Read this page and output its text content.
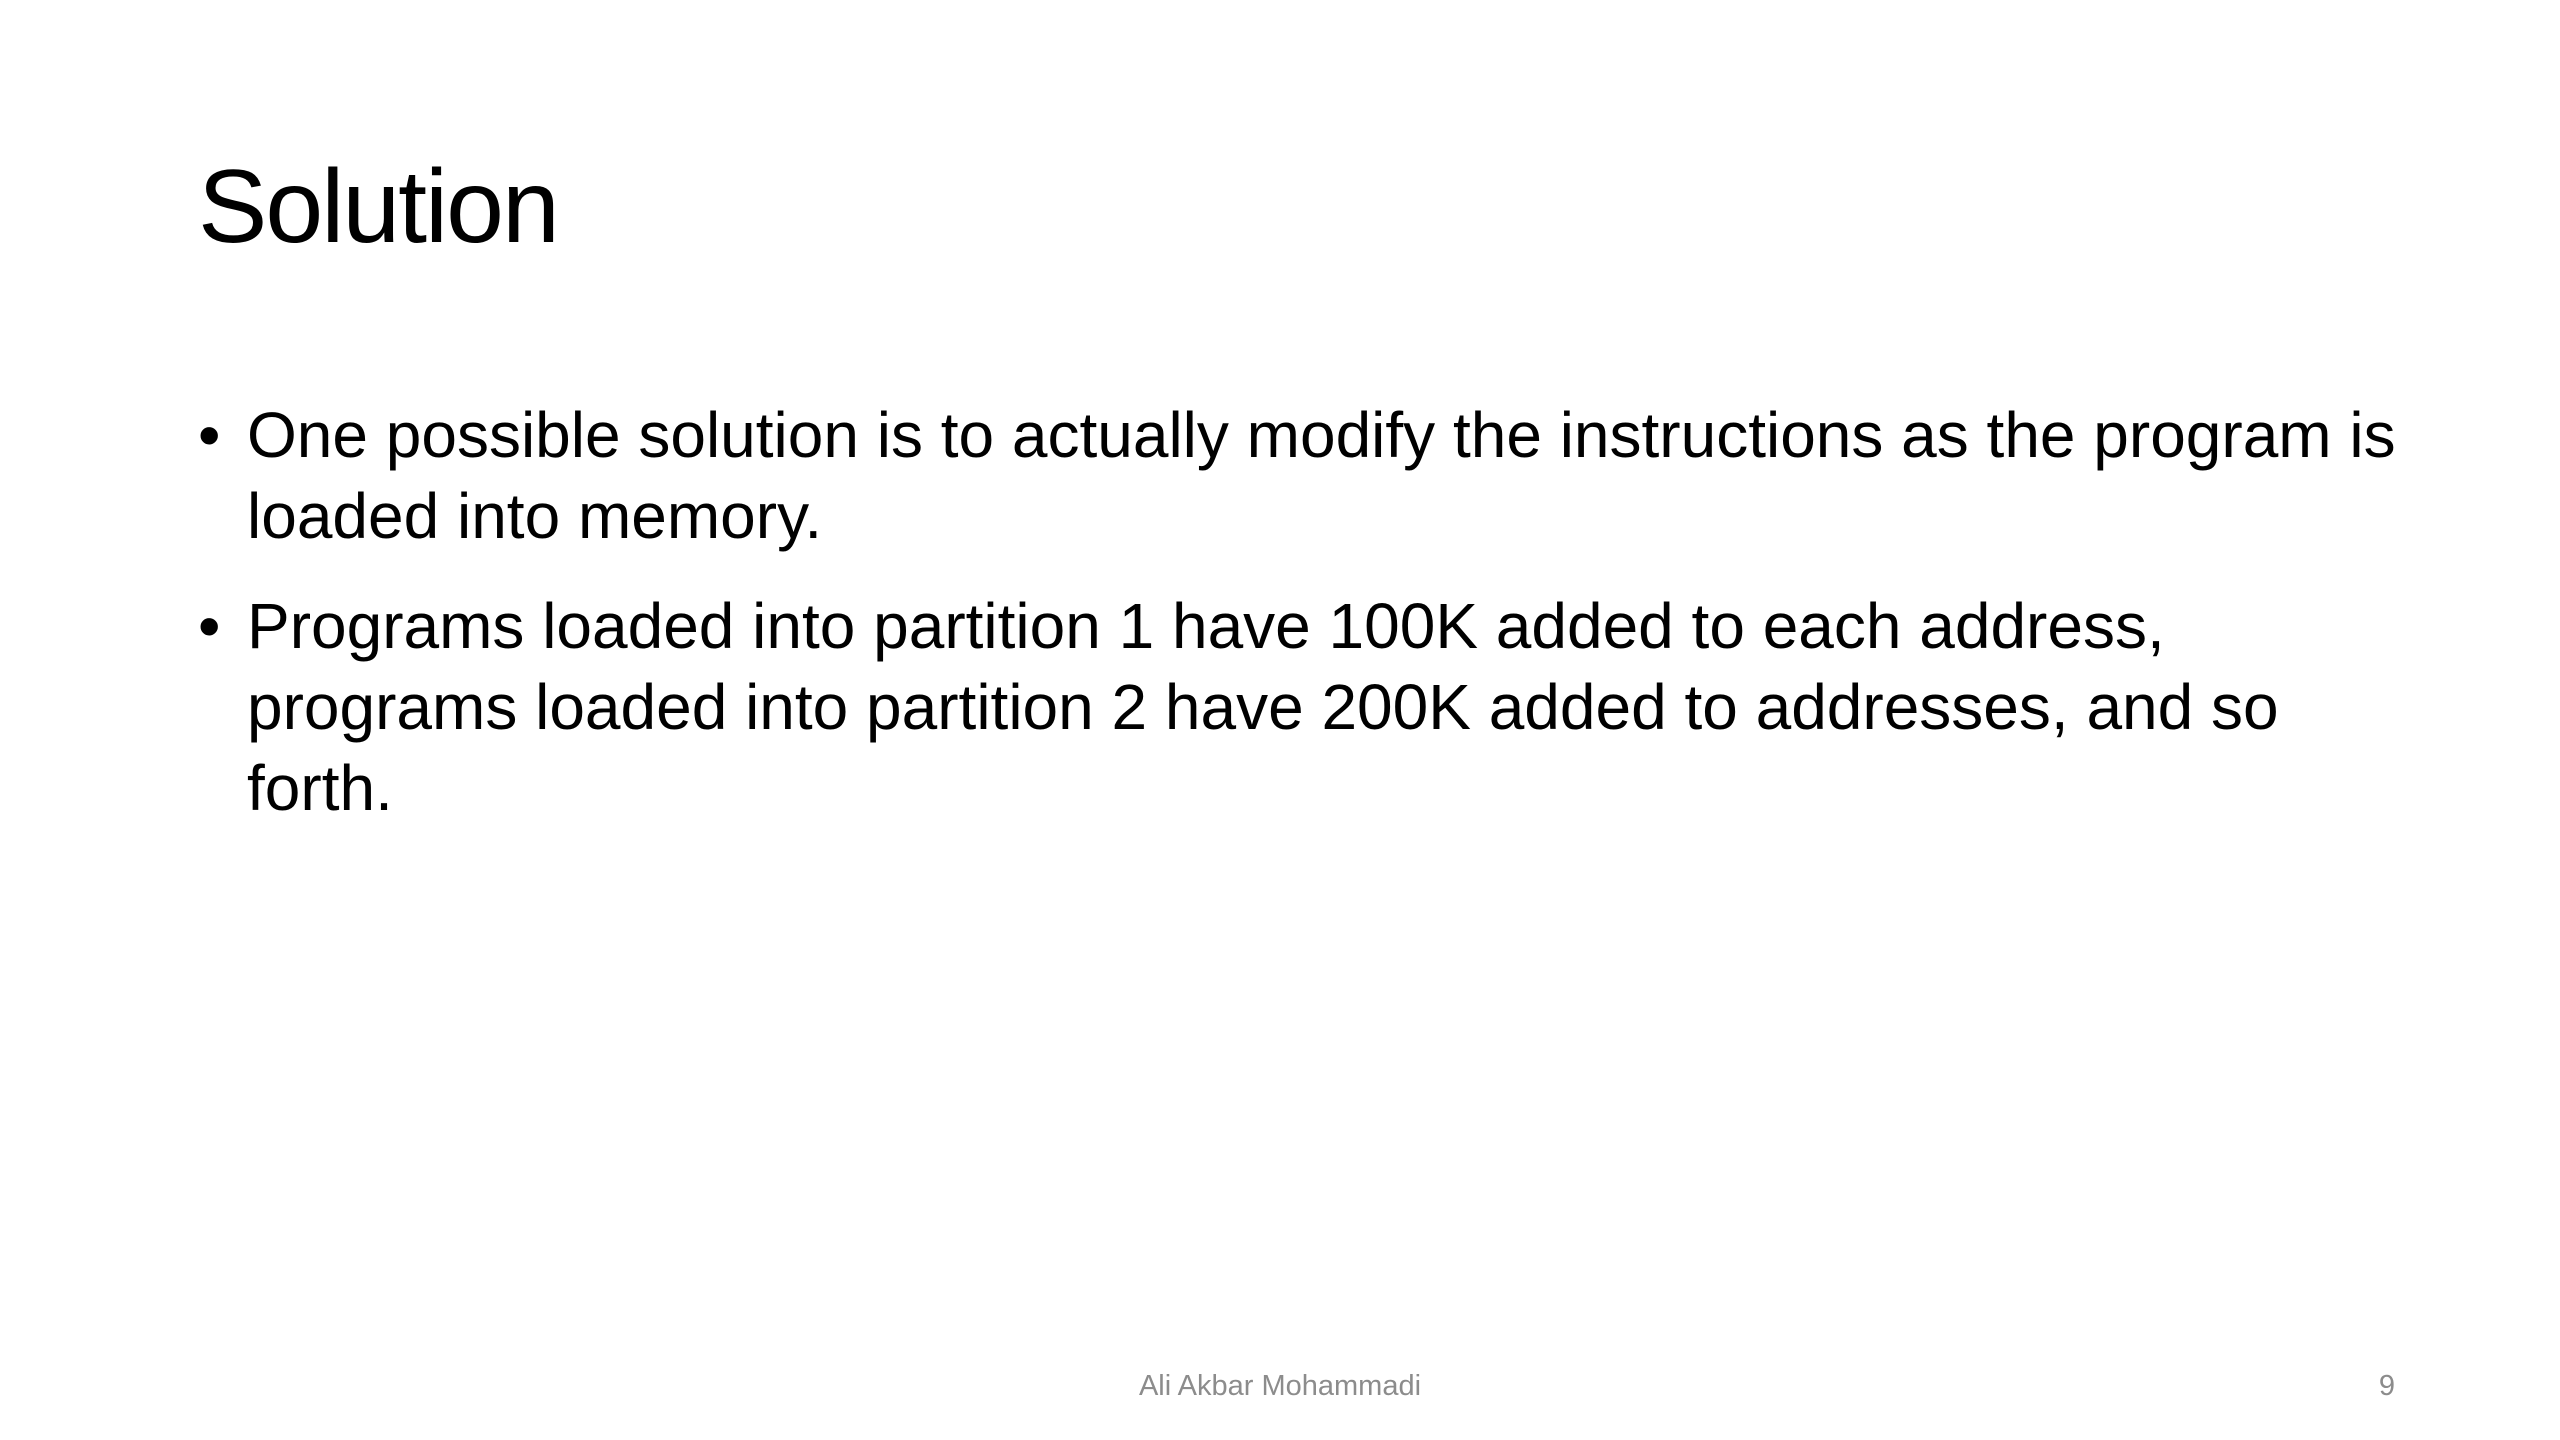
Solution
• One possible solution is to actually modify the instructions as the program is loaded into memory.
• Programs loaded into partition 1 have 100K added to each address, programs loaded into partition 2 have 200K added to addresses, and so forth.
Ali Akbar Mohammadi	9
